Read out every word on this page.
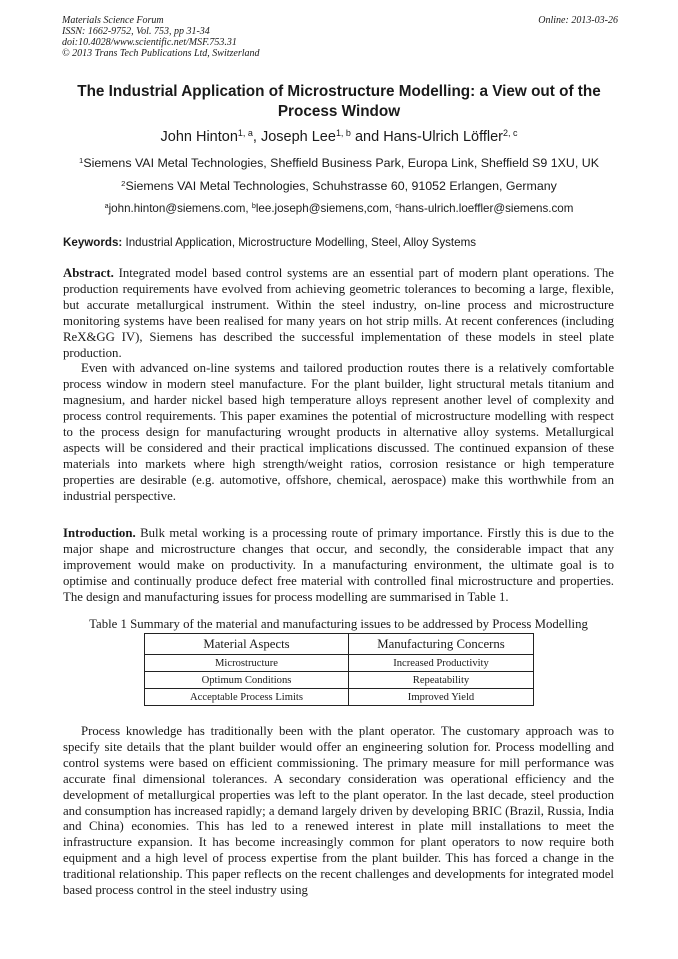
Materials Science Forum
ISSN: 1662-9752, Vol. 753, pp 31-34
doi:10.4028/www.scientific.net/MSF.753.31
© 2013 Trans Tech Publications Ltd, Switzerland
Online: 2013-03-26
The Industrial Application of Microstructure Modelling: a View out of the Process Window
John Hinton$^{1, a}$, Joseph Lee$^{1, b}$ and Hans-Ulrich Löffler$^{2, c}$
$^1$Siemens VAI Metal Technologies, Sheffield Business Park, Europa Link, Sheffield S9 1XU, UK
$^2$Siemens VAI Metal Technologies, Schuhstrasse 60, 91052 Erlangen, Germany
$^a$john.hinton@siemens.com, $^b$lee.joseph@siemens,com, $^c$hans-ulrich.loeffler@siemens.com
Keywords: Industrial Application, Microstructure Modelling, Steel, Alloy Systems

Abstract. Integrated model based control systems are an essential part of modern plant operations. The production requirements have evolved from achieving geometric tolerances to becoming a large, flexible, but accurate metallurgical instrument. Within the steel industry, on-line process and microstructure monitoring systems have been realised for many years on hot strip mills. At recent conferences (including ReX&GG IV), Siemens has described the successful implementation of these models in steel plate production.

Even with advanced on-line systems and tailored production routes there is a relatively comfortable process window in modern steel manufacture. For the plant builder, light structural metals titanium and magnesium, and harder nickel based high temperature alloys represent another level of complexity and process control requirements. This paper examines the potential of microstructure modelling with respect to the process design for manufacturing wrought products in alternative alloy systems. Metallurgical aspects will be considered and their practical implications discussed. The continued expansion of these materials into markets where high strength/weight ratios, corrosion resistance or high temperature properties are desirable (e.g. automotive, offshore, chemical, aerospace) make this worthwhile from an industrial perspective.

Introduction. Bulk metal working is a processing route of primary importance. Firstly this is due to the major shape and microstructure changes that occur, and secondly, the considerable impact that any improvement would make on productivity. In a manufacturing environment, the ultimate goal is to optimise and continually produce defect free material with controlled final microstructure and properties. The design and manufacturing issues for process modelling are summarised in Table 1.

Table 1 Summary of the material and manufacturing issues to be addressed by Process Modelling
Material Aspects	Manufacturing Concerns
Microstructure	Increased Productivity
Optimum Conditions	Repeatability
Acceptable Process Limits	Improved Yield

Process knowledge has traditionally been with the plant operator. The customary approach was to specify site details that the plant builder would offer an engineering solution for. Process modelling and control systems were based on efficient commissioning. The primary measure for mill performance was accurate final dimensional tolerances. A secondary consideration was operational efficiency and the development of metallurgical properties was left to the plant operator. In the last decade, steel production and consumption has increased rapidly; a demand largely driven by developing BRIC (Brazil, Russia, India and China) economies. This has led to a renewed interest in plate mill installations to meet the infrastructure expansion. It has become increasingly common for plant operators to now require both equipment and a high level of process expertise from the plant builder. This has forced a change in the traditional relationship. This paper reflects on the recent challenges and developments for integrated model based process control in the steel industry using
